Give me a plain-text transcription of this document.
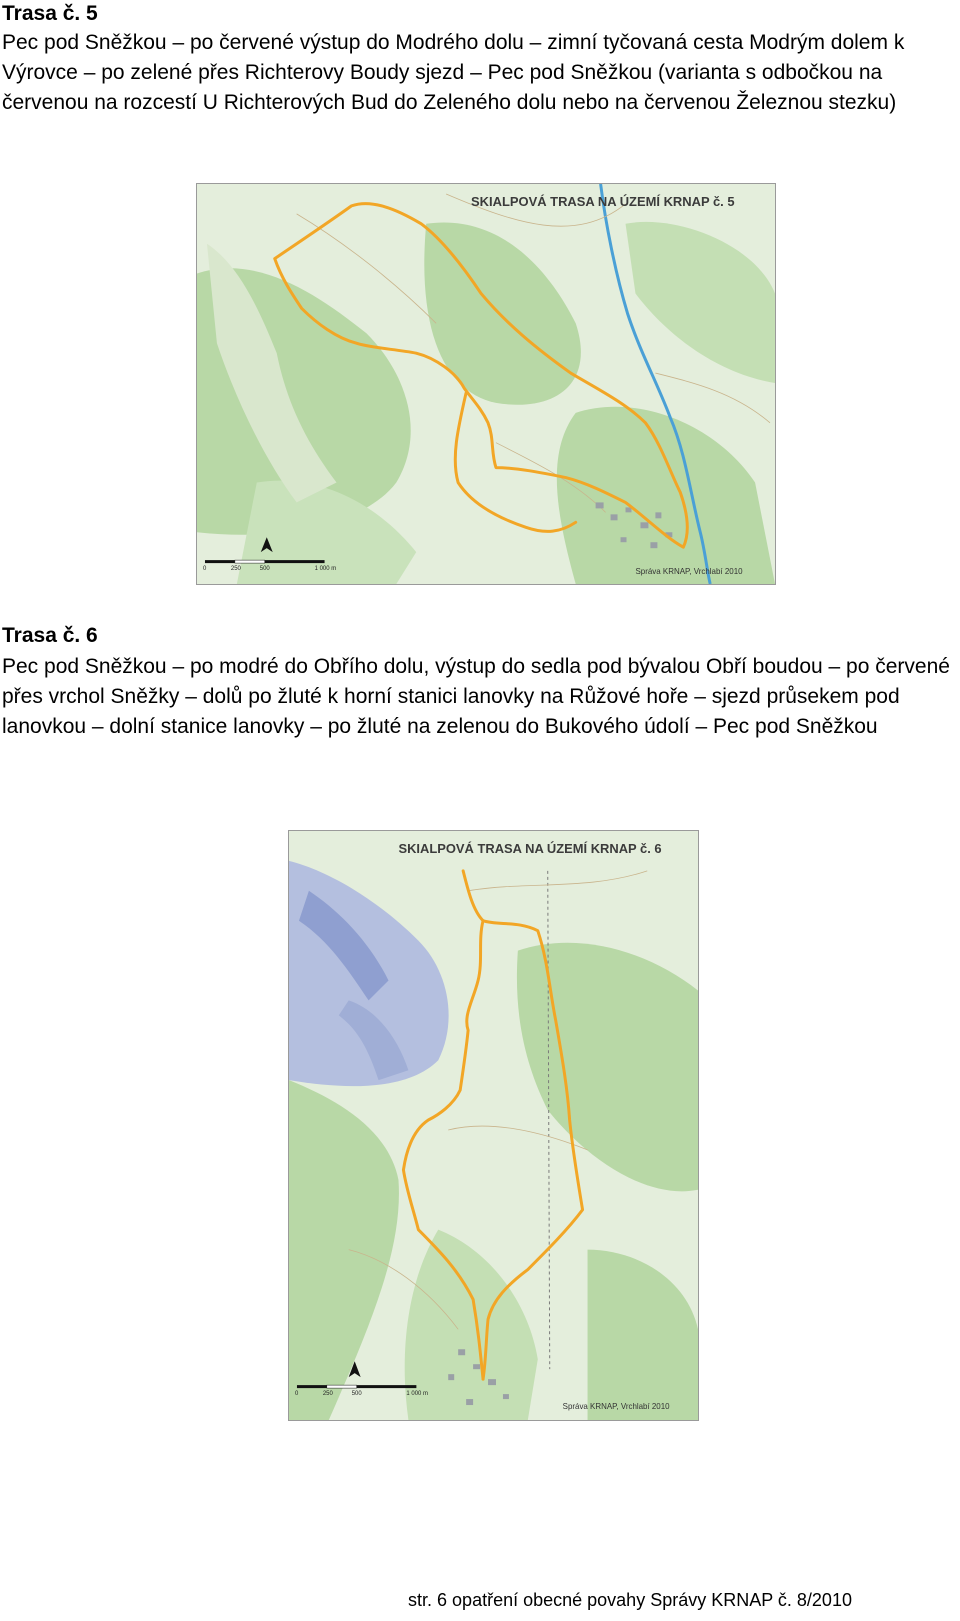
Trasa č. 5

Pec pod Sněžkou – po červené výstup do Modrého dolu – zimní tyčovaná cesta Modrým dolem k Výrovce – po zelené přes Richterovy Boudy sjezd – Pec pod Sněžkou (varianta s odbočkou na červenou na rozcestí U Richterových Bud do Zeleného dolu nebo na červenou Železnou stezku)

SKIALPOVÁ TRASA NA ÚZEMÍ KRNAP č. 5
Správa KRNAP, Vrchlabí 2010
0	250	500	1 000 m
Trasa č. 6

Pec pod Sněžkou – po modré do Obřího dolu, výstup do sedla pod bývalou Obří boudou – po červené přes vrchol Sněžky – dolů po žluté k horní stanici lanovky na Růžové hoře – sjezd průsekem pod lanovkou – dolní stanice lanovky – po žluté na zelenou do Bukového údolí – Pec pod Sněžkou

SKIALPOVÁ TRASA NA ÚZEMÍ KRNAP č. 6
Správa KRNAP, Vrchlabí 2010
0	250	500	1 000 m

str. 6 opatření obecné povahy Správy KRNAP č. 8/2010
